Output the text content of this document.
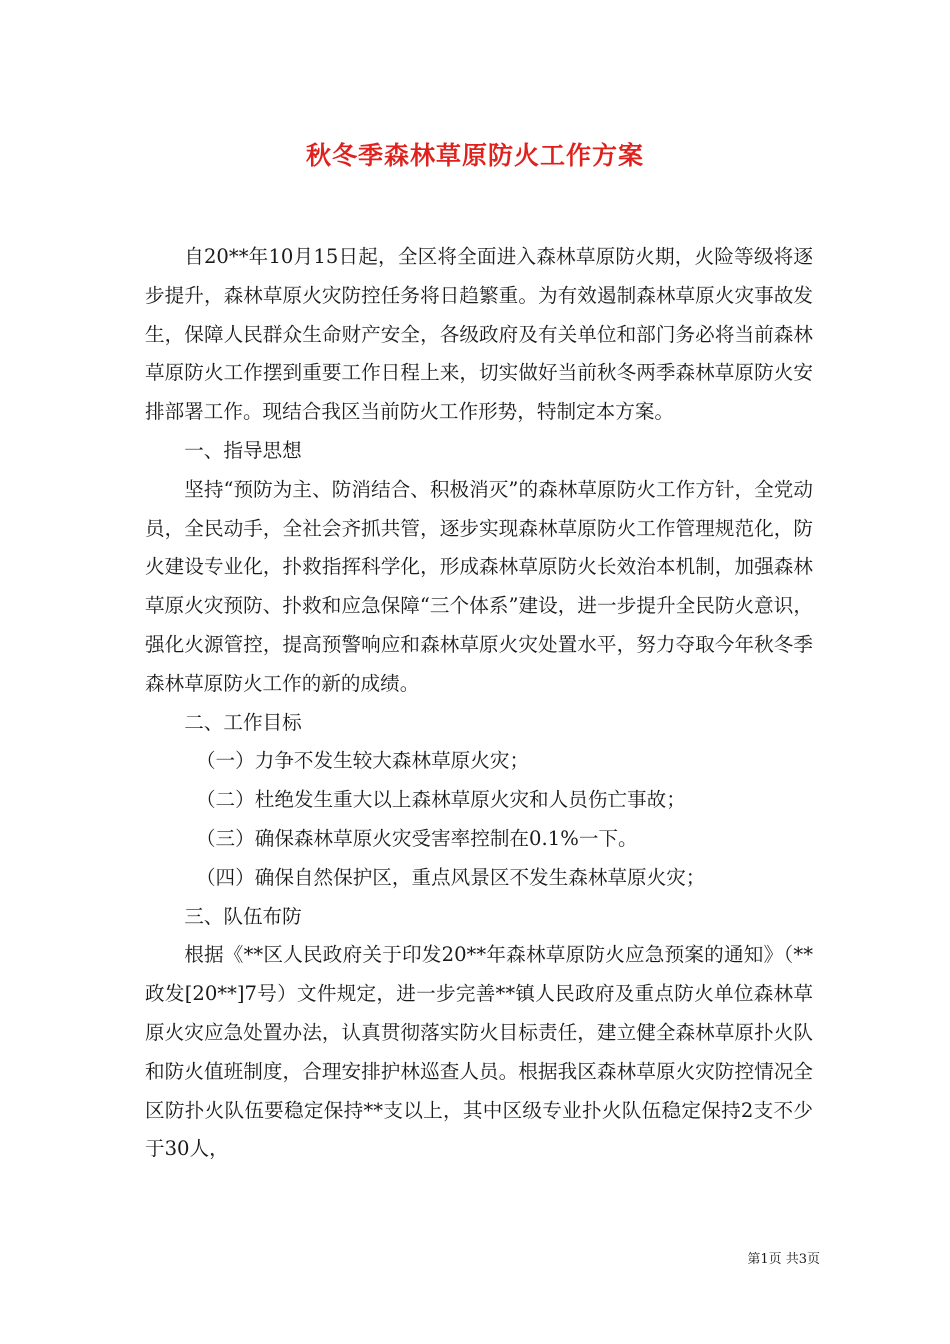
秋冬季森林草原防火工作方案

自20**年10月15日起，全区将全面进入森林草原防火期，火险等级将逐步提升，森林草原火灾防控任务将日趋繁重。为有效遏制森林草原火灾事故发生，保障人民群众生命财产安全，各级政府及有关单位和部门务必将当前森林草原防火工作摆到重要工作日程上来，切实做好当前秋冬两季森林草原防火安排部署工作。现结合我区当前防火工作形势，特制定本方案。

一、指导思想

坚持“预防为主、防消结合、积极消灭”的森林草原防火工作方针，全党动员，全民动手，全社会齐抓共管，逐步实现森林草原防火工作管理规范化，防火建设专业化，扑救指挥科学化，形成森林草原防火长效治本机制，加强森林草原火灾预防、扑救和应急保障“三个体系”建设，进一步提升全民防火意识，强化火源管控，提高预警响应和森林草原火灾处置水平，努力夺取今年秋冬季森林草原防火工作的新的成绩。

二、工作目标

（一）力争不发生较大森林草原火灾；

（二）杜绝发生重大以上森林草原火灾和人员伤亡事故；

（三）确保森林草原火灾受害率控制在0.1%一下。

（四）确保自然保护区，重点风景区不发生森林草原火灾；

三、队伍布防

根据《**区人民政府关于印发20**年森林草原防火应急预案的通知》（**政发[20**]7号）文件规定，进一步完善**镇人民政府及重点防火单位森林草原火灾应急处置办法，认真贯彻落实防火目标责任，建立健全森林草原扑火队和防火值班制度，合理安排护林巡查人员。根据我区森林草原火灾防控情况全区防扑火队伍要稳定保持**支以上，其中区级专业扑火队伍稳定保持2支不少于30人，

第1页 共3页
